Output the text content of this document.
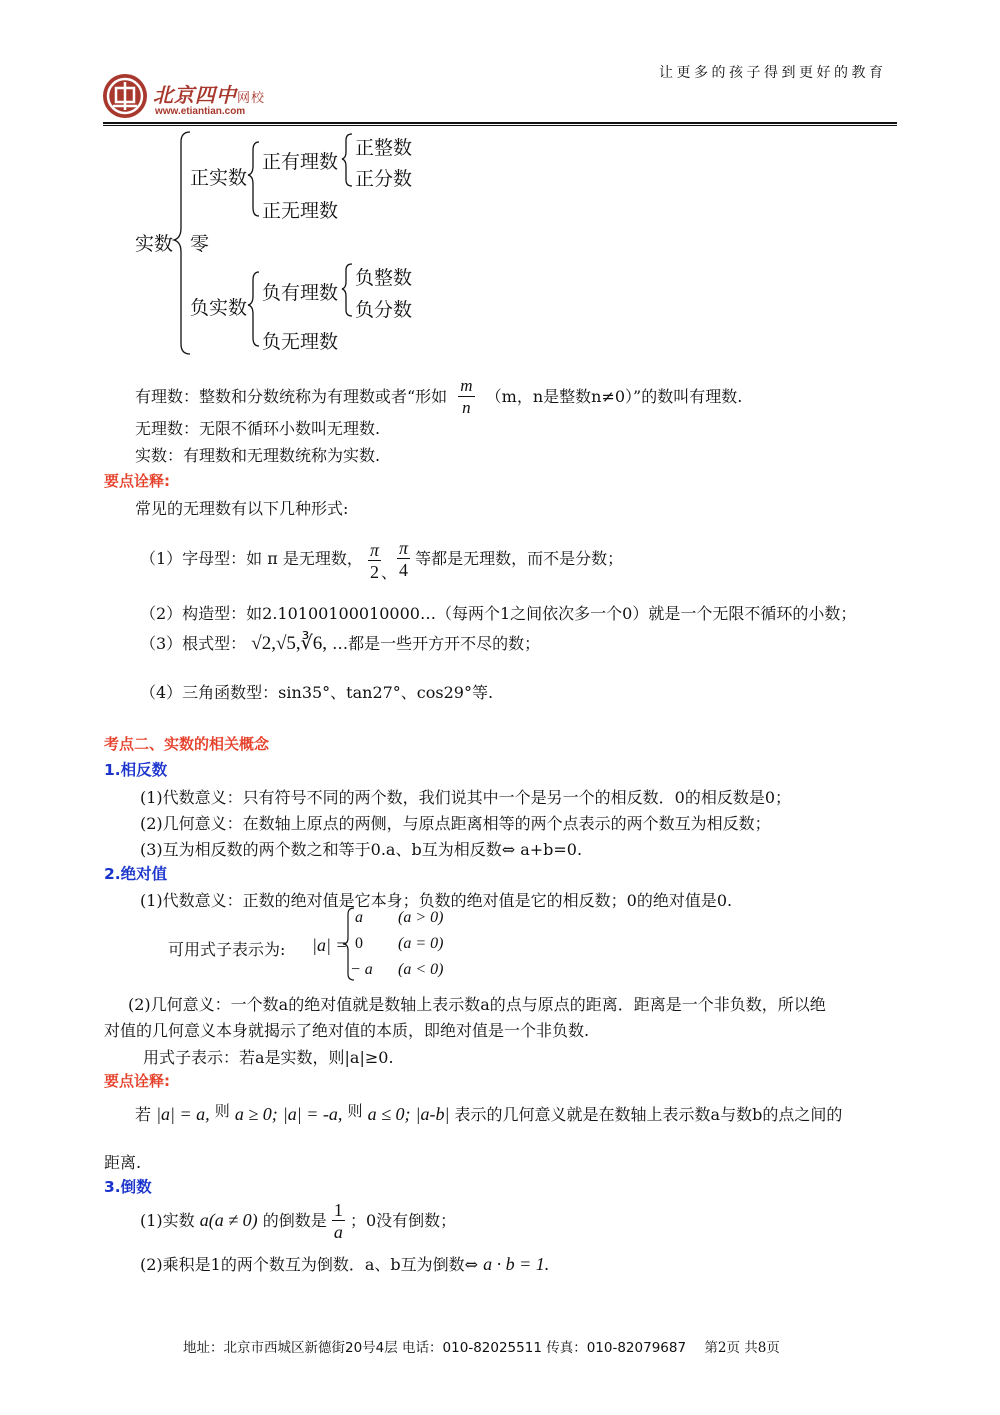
北京四中网校
www.etiantian.com
让更多的孩子得到更好的教育
实数
正实数
正有理数
正整数
正分数
正无理数
零
负实数
负有理数
负整数
负分数
负无理数
有理数：整数和分数统称为有理数或者“形如 $\frac{m}{n} (m$，n是整数n≠0）”的数叫有理数.
无理数：无限不循环小数叫无理数.
实数：有理数和无理数统称为实数.
要点诠释:
常见的无理数有以下几种形式:
（1）字母型：如 π 是无理数， $\frac{\pi}{2}$ 、 $\frac{\pi}{4}$ 等都是无理数，而不是分数；
（2）构造型：如2.10100100010000…（每两个1之间依次多一个0）就是一个无限不循环的小数；
（3）根式型： √2,√5,∛6, …都是一些开方开不尽的数；
（4）三角函数型：sin35°、tan27°、cos29°等.
考点二、实数的相关概念
1.相反数
(1)代数意义：只有符号不同的两个数，我们说其中一个是另一个的相反数．0的相反数是0；
(2)几何意义：在数轴上原点的两侧，与原点距离相等的两个点表示的两个数互为相反数；
(3)互为相反数的两个数之和等于0.a、b互为相反数⇔ a+b=0.
2.绝对值
(1)代数意义：正数的绝对值是它本身；负数的绝对值是它的相反数；0的绝对值是0.
可用式子表示为: |a| =
a (a > 0)
0 (a = 0)
− a (a < 0)
(2)几何意义：一个数a的绝对值就是数轴上表示数a的点与原点的距离．距离是一个非负数，所以绝
对值的几何意义本身就揭示了绝对值的本质，即绝对值是一个非负数.
用式子表示：若a是实数，则|a|≥0.
要点诠释:
若 |a| = a, 则 a ≥ 0; |a| = -a, 则 a ≤ 0; |a-b| 表示的几何意义就是在数轴上表示数a与数b的点之间的
距离.
3.倒数
(1)实数 a(a ≠ 0) 的倒数是 $\frac{1}{a}$ ；0没有倒数；
(2)乘积是1的两个数互为倒数．a、b互为倒数⇔ a · b = 1.
地址：北京市西城区新德街20号4层 电话：010-82025511 传真：010-82079687 第2页 共8页
